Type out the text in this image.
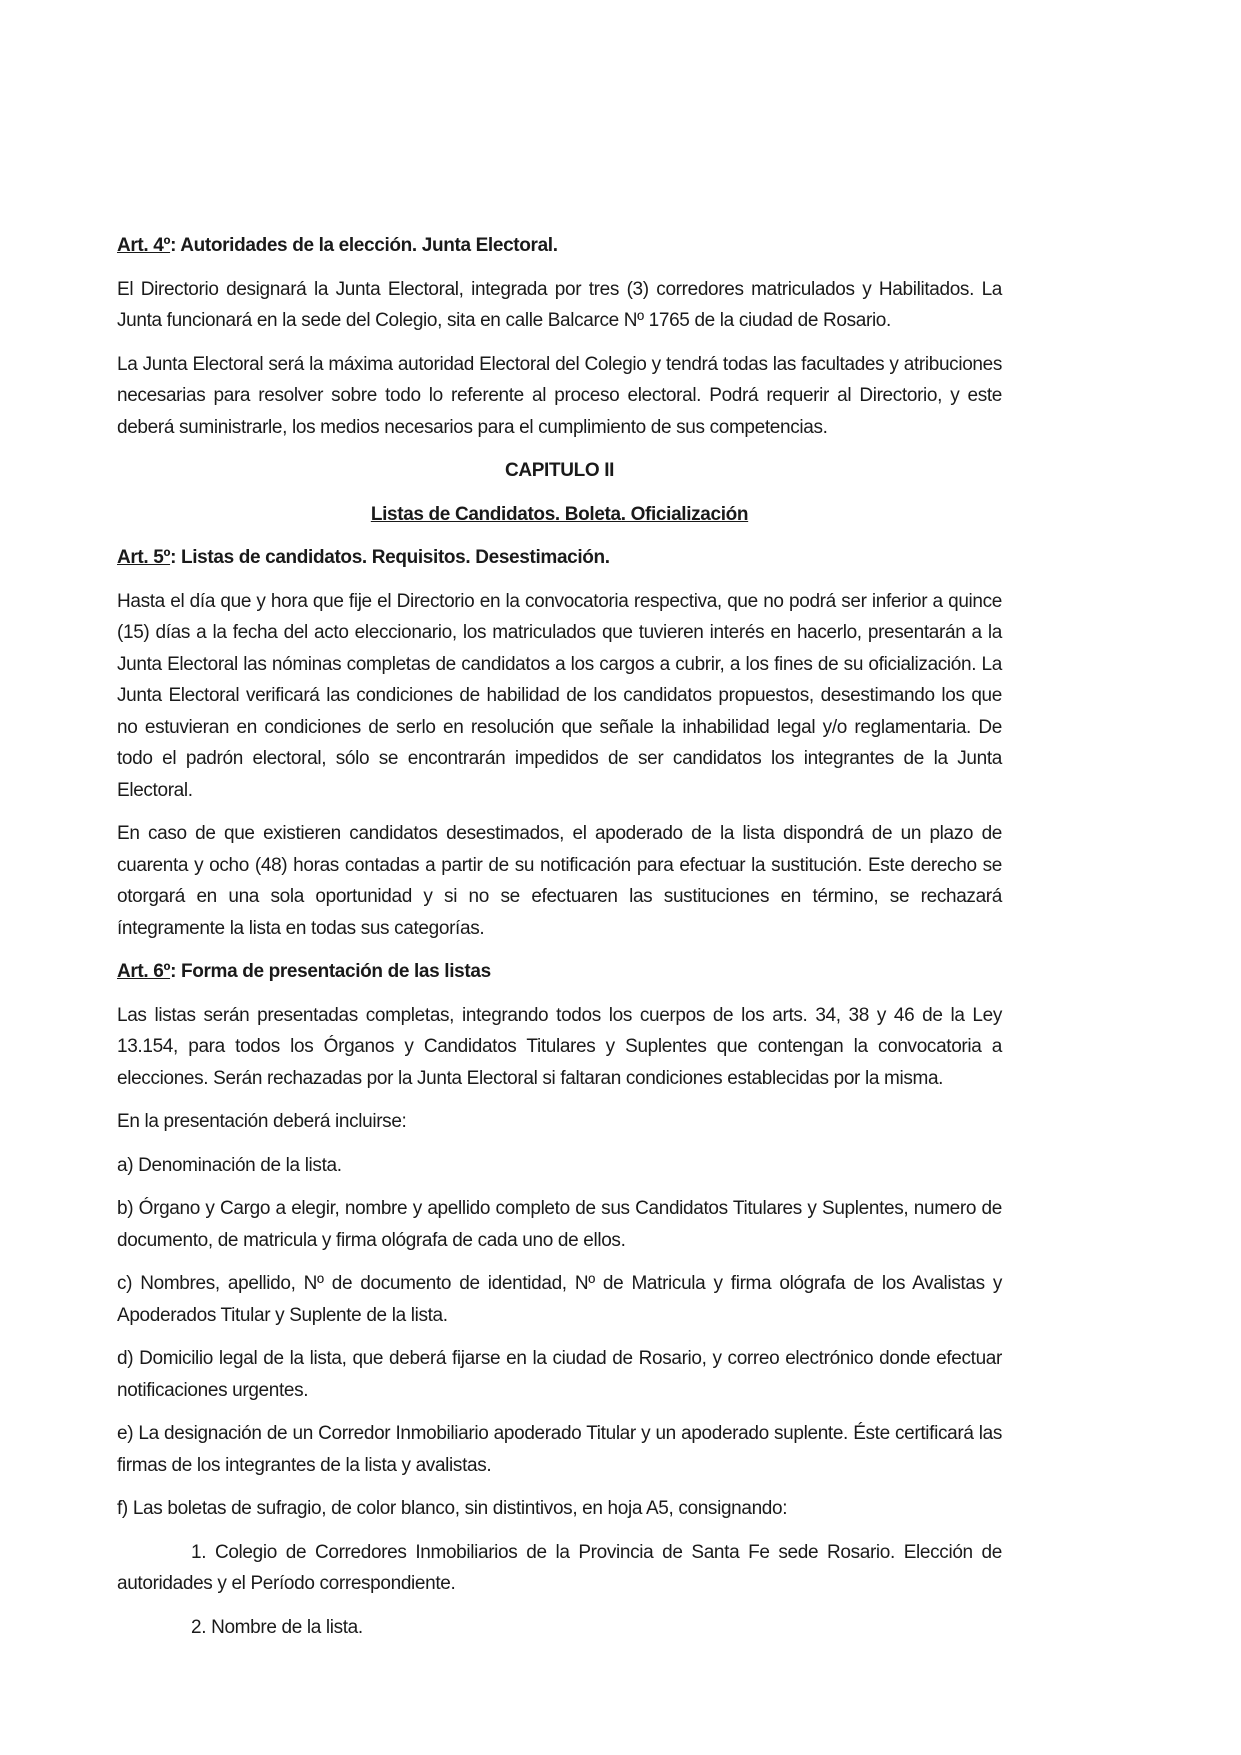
Art. 4º: Autoridades de la elección. Junta Electoral.

El Directorio designará la Junta Electoral, integrada por tres (3) corredores matriculados y Habilitados. La Junta funcionará en la sede del Colegio, sita en calle Balcarce Nº 1765 de la ciudad de Rosario.

La Junta Electoral será la máxima autoridad Electoral del Colegio y tendrá todas las facultades y atribuciones necesarias para resolver sobre todo lo referente al proceso electoral. Podrá requerir al Directorio, y este deberá suministrarle, los medios necesarios para el cumplimiento de sus competencias.

CAPITULO II

Listas de Candidatos. Boleta. Oficialización

Art. 5º: Listas de candidatos. Requisitos. Desestimación.

Hasta el día que y hora que fije el Directorio en la convocatoria respectiva, que no podrá ser inferior a quince (15) días a la fecha del acto eleccionario, los matriculados que tuvieren interés en hacerlo, presentarán a la Junta Electoral las nóminas completas de candidatos a los cargos a cubrir, a los fines de su oficialización. La Junta Electoral verificará las condiciones de habilidad de los candidatos propuestos, desestimando los que no estuvieran en condiciones de serlo en resolución que señale la inhabilidad legal y/o reglamentaria. De todo el padrón electoral, sólo se encontrarán impedidos de ser candidatos los integrantes de la Junta Electoral.

En caso de que existieren candidatos desestimados, el apoderado de la lista dispondrá de un plazo de cuarenta y ocho (48) horas contadas a partir de su notificación para efectuar la sustitución. Este derecho se otorgará en una sola oportunidad y si no se efectuaren las sustituciones en término, se rechazará íntegramente la lista en todas sus categorías.

Art. 6º: Forma de presentación de las listas

Las listas serán presentadas completas, integrando todos los cuerpos de los arts. 34, 38 y 46 de la Ley 13.154, para todos los Órganos y Candidatos Titulares y Suplentes que contengan la convocatoria a elecciones. Serán rechazadas por la Junta Electoral si faltaran condiciones establecidas por la misma.

En la presentación deberá incluirse:

a) Denominación de la lista.

b) Órgano y Cargo a elegir, nombre y apellido completo de sus Candidatos Titulares y Suplentes, numero de documento, de matricula y firma ológrafa de cada uno de ellos.

c) Nombres, apellido, Nº de documento de identidad, Nº de Matricula y firma ológrafa de los Avalistas y Apoderados Titular y Suplente de la lista.

d) Domicilio legal de la lista, que deberá fijarse en la ciudad de Rosario, y correo electrónico donde efectuar notificaciones urgentes.

e) La designación de un Corredor Inmobiliario apoderado Titular y un apoderado suplente. Éste certificará las firmas de los integrantes de la lista y avalistas.

f) Las boletas de sufragio, de color blanco, sin distintivos, en hoja A5, consignando:

1. Colegio de Corredores Inmobiliarios de la Provincia de Santa Fe sede Rosario. Elección de autoridades y el Período correspondiente.

2. Nombre de la lista.
